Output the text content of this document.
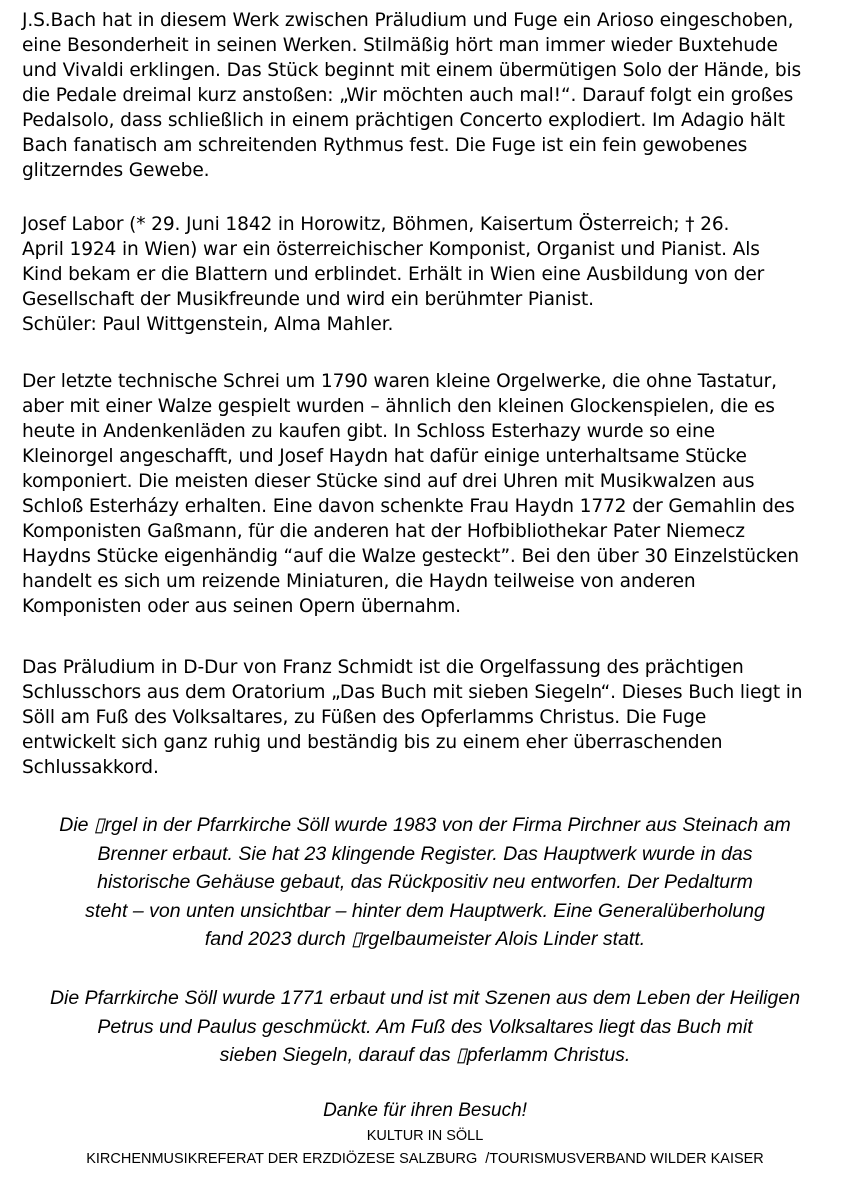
J.S.Bach hat in diesem Werk zwischen Präludium und Fuge ein Arioso eingeschoben,
eine Besonderheit in seinen Werken. Stilmäßig hört man immer wieder Buxtehude
und Vivaldi erklingen. Das Stück beginnt mit einem übermütigen Solo der Hände, bis
die Pedale dreimal kurz anstoßen: „Wir möchten auch mal!“. Darauf folgt ein großes
Pedalsolo, dass schließlich in einem prächtigen Concerto explodiert. Im Adagio hält
Bach fanatisch am schreitenden Rythmus fest. Die Fuge ist ein fein gewobenes
glitzerndes Gewebe.
Josef Labor (* 29. Juni 1842 in Horowitz, Böhmen, Kaisertum Österreich; † 26.
April 1924 in Wien) war ein österreichischer Komponist, Organist und Pianist. Als
Kind bekam er die Blattern und erblindet. Erhält in Wien eine Ausbildung von der
Gesellschaft der Musikfreunde und wird ein berühmter Pianist.
Schüler: Paul Wittgenstein, Alma Mahler.
Der letzte technische Schrei um 1790 waren kleine Orgelwerke, die ohne Tastatur,
aber mit einer Walze gespielt wurden – ähnlich den kleinen Glockenspielen, die es
heute in Andenkenläden zu kaufen gibt. In Schloss Esterhazy wurde so eine
Kleinorgel angeschafft, und Josef Haydn hat dafür einige unterhaltsame Stücke
komponiert. Die meisten dieser Stücke sind auf drei Uhren mit Musikwalzen aus
Schloß Esterházy erhalten. Eine davon schenkte Frau Haydn 1772 der Gemahlin des
Komponisten Gaßmann, für die anderen hat der Hofbibliothekar Pater Niemecz
Haydns Stücke eigenhändig “auf die Walze gesteckt”. Bei den über 30 Einzelstücken
handelt es sich um reizende Miniaturen, die Haydn teilweise von anderen
Komponisten oder aus seinen Opern übernahm.
Das Präludium in D-Dur von Franz Schmidt ist die Orgelfassung des prächtigen
Schlusschors aus dem Oratorium „Das Buch mit sieben Siegeln“. Dieses Buch liegt in
Söll am Fuß des Volksaltares, zu Füßen des Opferlamms Christus. Die Fuge
entwickelt sich ganz ruhig und beständig bis zu einem eher überraschenden
Schlussakkord.
Die ▯rgel in der Pfarrkirche Söll wurde 1983 von der Firma Pirchner aus Steinach am
Brenner erbaut. Sie hat 23 klingende Register. Das Hauptwerk wurde in das
historische Gehäuse gebaut, das Rückpositiv neu entworfen. Der Pedalturm
steht – von unten unsichtbar – hinter dem Hauptwerk. Eine Generalüberholung
fand 2023 durch ▯rgelbaumeister Alois Linder statt.
Die Pfarrkirche Söll wurde 1771 erbaut und ist mit Szenen aus dem Leben der Heiligen
Petrus und Paulus geschmückt. Am Fuß des Volksaltares liegt das Buch mit
sieben Siegeln, darauf das ▯pferlamm Christus.
Danke für ihren Besuch!
KULTUR IN SÖLL
KIRCHENMUSIKREFERAT DER ERZDIÖZESE SALZBURG  /TOURISMUSVERBAND WILDER KAISER
